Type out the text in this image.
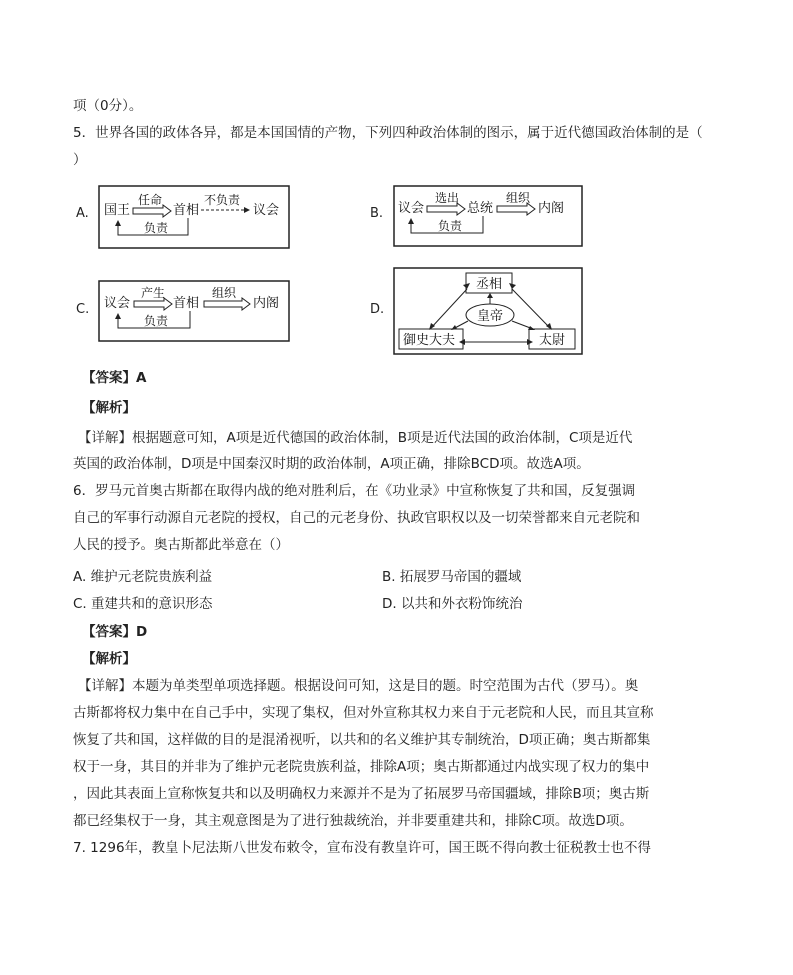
项（0分）。
5．世界各国的政体各异，都是本国国情的产物，下列四种政治体制的图示，属于近代德国政治体制的是（
）
A. 国王
任命
首相
不负责
议会
负责
B. 议会
选出
总统
组织
内阁
负责
C. 议会
产生
首相
组织
内阁
负责
D.
丞相
皇帝
御史大夫	太尉
【答案】A
【解析】
【详解】根据题意可知，A项是近代德国的政治体制，B项是近代法国的政治体制，C项是近代
英国的政治体制，D项是中国秦汉时期的政治体制，A项正确，排除BCD项。故选A项。
6．罗马元首奥古斯都在取得内战的绝对胜利后，在《功业录》中宣称恢复了共和国，反复强调
自己的军事行动源自元老院的授权，自己的元老身份、执政官职权以及一切荣誉都来自元老院和
人民的授予。奥古斯都此举意在（）
A. 维护元老院贵族利益	B. 拓展罗马帝国的疆域
C. 重建共和的意识形态	D. 以共和外衣粉饰统治
【答案】D
【解析】
【详解】本题为单类型单项选择题。根据设问可知，这是目的题。时空范围为古代（罗马）。奥
古斯都将权力集中在自己手中，实现了集权，但对外宣称其权力来自于元老院和人民，而且其宣称
恢复了共和国，这样做的目的是混淆视听，以共和的名义维护其专制统治，D项正确；奥古斯都集
权于一身，其目的并非为了维护元老院贵族利益，排除A项；奥古斯都通过内战实现了权力的集中
，因此其表面上宣称恢复共和以及明确权力来源并不是为了拓展罗马帝国疆域，排除B项；奥古斯
都已经集权于一身，其主观意图是为了进行独裁统治，并非要重建共和，排除C项。故选D项。
7. 1296年，教皇卜尼法斯八世发布敕令，宣布没有教皇许可，国王既不得向教士征税教士也不得
